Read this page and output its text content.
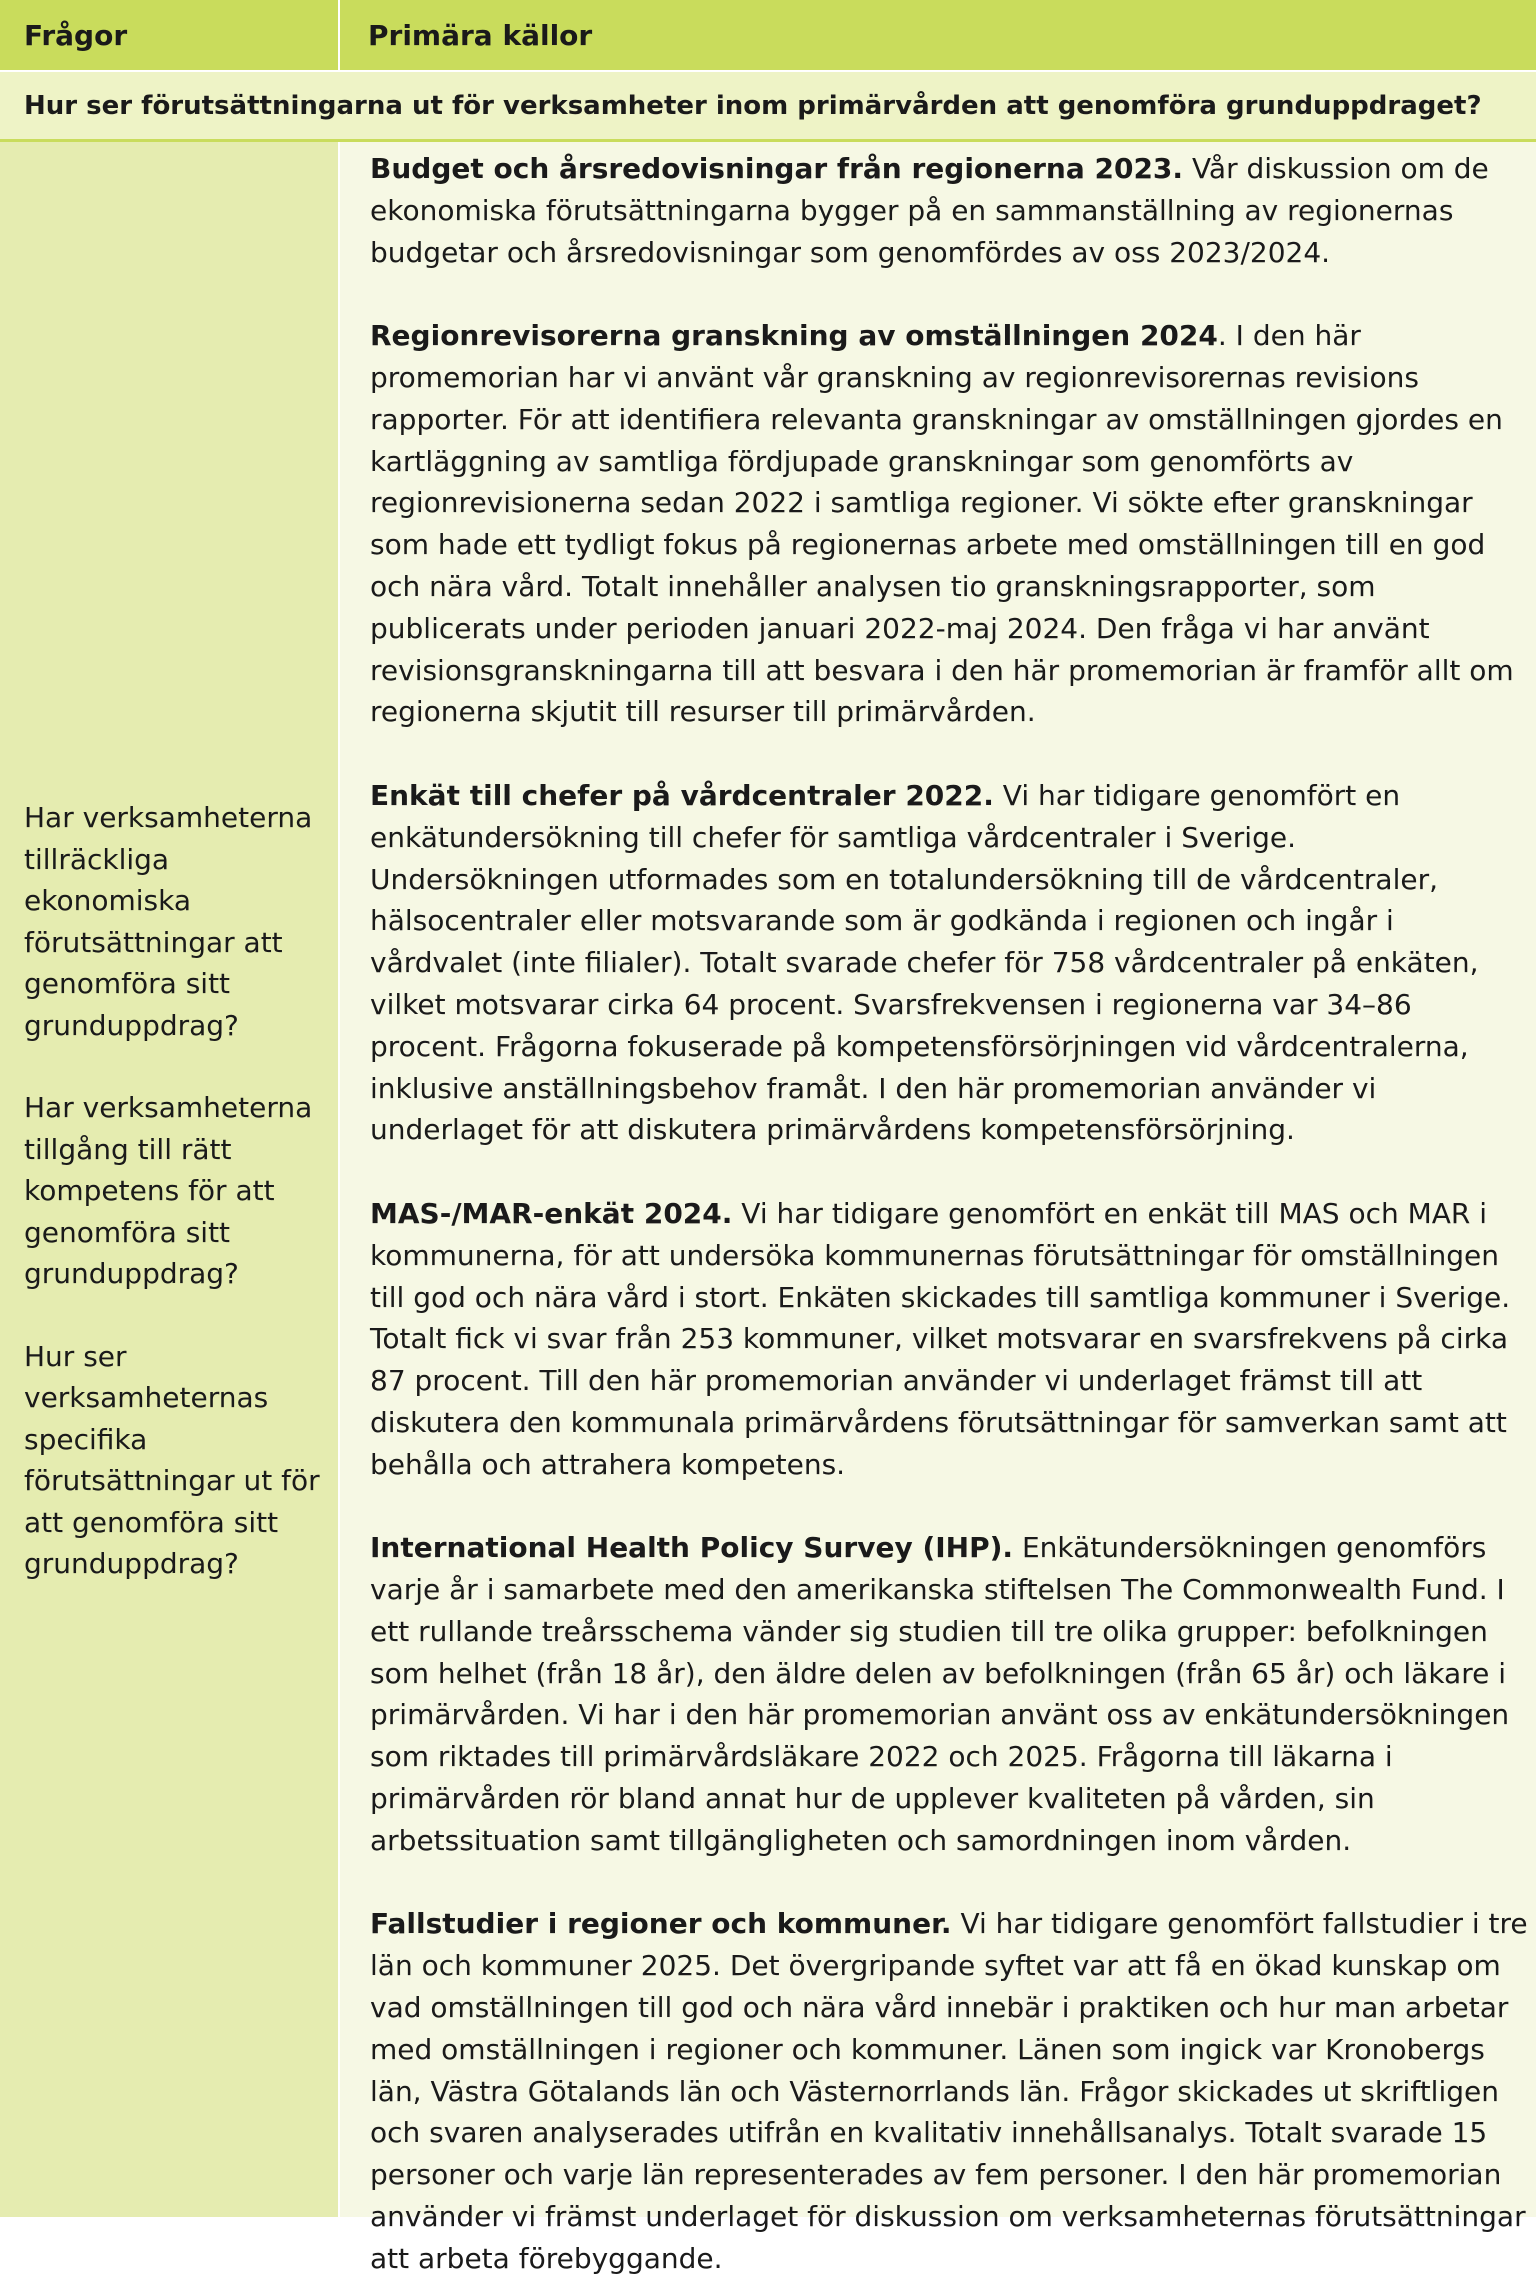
Frågor	Primära källor
Hur ser förutsättningarna ut för verksamheter inom primärvården att genomföra grunduppdraget?

Har verksamheterna tillräckliga ekonomiska förutsättningar att genomföra sitt grunduppdrag?

Har verksamheterna tillgång till rätt kompetens för att genomföra sitt grunduppdrag?

Hur ser verksamheternas specifika förutsättningar ut för att genomföra sitt grunduppdrag?

Budget och årsredovisningar från regionerna 2023. Vår diskussion om de ekonomiska förutsättningarna bygger på en sammanställning av regionernas budgetar och årsredovisningar som genomfördes av oss 2023/2024.

Regionrevisorerna granskning av omställningen 2024. I den här promemorian har vi använt vår granskning av regionrevisorernas revisions rapporter. För att identifiera relevanta granskningar av omställningen gjordes en kartläggning av samtliga fördjupade granskningar som genomförts av regionrevisionerna sedan 2022 i samtliga regioner. Vi sökte efter granskningar som hade ett tydligt fokus på regionernas arbete med omställningen till en god och nära vård. Totalt innehåller analysen tio granskningsrapporter, som publicerats under perioden januari 2022-maj 2024. Den fråga vi har använt revisionsgranskningarna till att besvara i den här promemorian är framför allt om regionerna skjutit till resurser till primärvården.

Enkät till chefer på vårdcentraler 2022. Vi har tidigare genomfört en enkätundersökning till chefer för samtliga vårdcentraler i Sverige. Undersökningen utformades som en totalundersökning till de vårdcentraler, hälsocentraler eller motsvarande som är godkända i regionen och ingår i vårdvalet (inte filialer). Totalt svarade chefer för 758 vårdcentraler på enkäten, vilket motsvarar cirka 64 procent. Svarsfrekvensen i regionerna var 34–86 procent. Frågorna fokuserade på kompetensförsörjningen vid vårdcentralerna, inklusive anställningsbehov framåt. I den här promemorian använder vi underlaget för att diskutera primärvårdens kompetensförsörjning.

MAS-/MAR-enkät 2024. Vi har tidigare genomfört en enkät till MAS och MAR i kommunerna, för att undersöka kommunernas förutsättningar för omställningen till god och nära vård i stort. Enkäten skickades till samtliga kommuner i Sverige. Totalt fick vi svar från 253 kommuner, vilket motsvarar en svarsfrekvens på cirka 87 procent. Till den här promemorian använder vi underlaget främst till att diskutera den kommunala primärvårdens förutsättningar för samverkan samt att behålla och attrahera kompetens.

International Health Policy Survey (IHP). Enkätundersökningen genomförs varje år i samarbete med den amerikanska stiftelsen The Commonwealth Fund. I ett rullande treårsschema vänder sig studien till tre olika grupper: befolkningen som helhet (från 18 år), den äldre delen av befolkningen (från 65 år) och läkare i primärvården. Vi har i den här promemorian använt oss av enkätundersökningen som riktades till primärvårdsläkare 2022 och 2025. Frågorna till läkarna i primärvården rör bland annat hur de upplever kvaliteten på vården, sin arbetssituation samt tillgängligheten och samordningen inom vården.

Fallstudier i regioner och kommuner. Vi har tidigare genomfört fallstudier i tre län och kommuner 2025. Det övergripande syftet var att få en ökad kunskap om vad omställningen till god och nära vård innebär i praktiken och hur man arbetar med omställningen i regioner och kommuner. Länen som ingick var Kronobergs län, Västra Götalands län och Västernorrlands län. Frågor skickades ut skriftligen och svaren analyserades utifrån en kvalitativ innehållsanalys. Totalt svarade 15 personer och varje län representerades av fem personer. I den här promemorian använder vi främst underlaget för diskussion om verksamheternas förutsättningar att arbeta förebyggande.
